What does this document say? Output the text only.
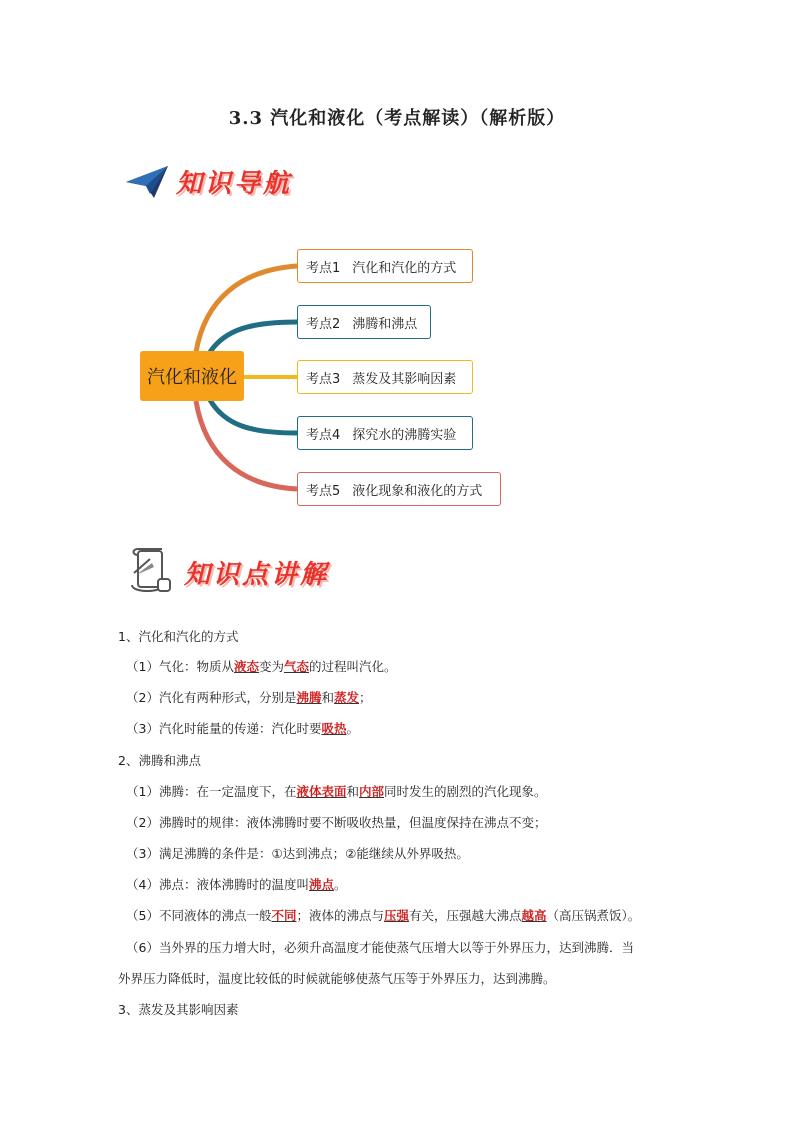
3.3 汽化和液化（考点解读）（解析版）
知识导航
汽化和液化
考点1 汽化和汽化的方式
考点2 沸腾和沸点
考点3 蒸发及其影响因素
考点4 探究水的沸腾实验
考点5 液化现象和液化的方式
知识点讲解
1、汽化和汽化的方式
（1）气化：物质从液态变为气态的过程叫汽化。
（2）汽化有两种形式，分别是沸腾和蒸发；
（3）汽化时能量的传递：汽化时要吸热。
2、沸腾和沸点
（1）沸腾：在一定温度下，在液体表面和内部同时发生的剧烈的汽化现象。
（2）沸腾时的规律：液体沸腾时要不断吸收热量，但温度保持在沸点不变；
（3）满足沸腾的条件是：①达到沸点；②能继续从外界吸热。
（4）沸点：液体沸腾时的温度叫沸点。
（5）不同液体的沸点一般不同；液体的沸点与压强有关，压强越大沸点越高（高压锅煮饭）。
（6）当外界的压力增大时，必须升高温度才能使蒸气压增大以等于外界压力，达到沸腾．当
外界压力降低时，温度比较低的时候就能够使蒸气压等于外界压力，达到沸腾。
3、蒸发及其影响因素
